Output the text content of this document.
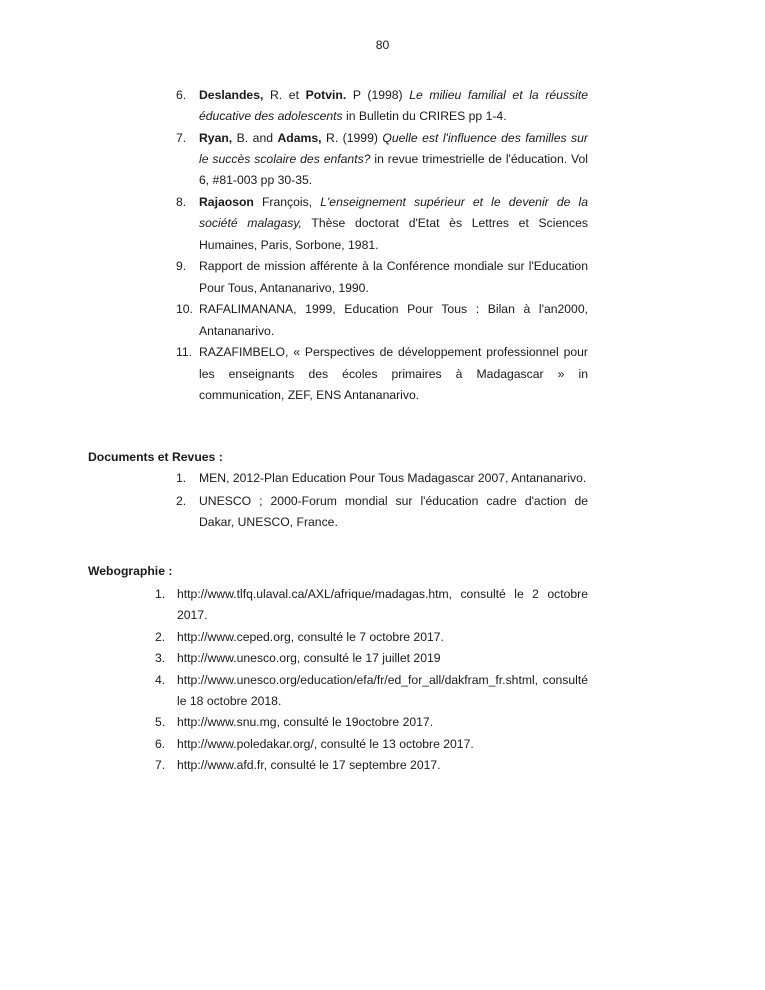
80
6. Deslandes, R. et Potvin. P (1998) Le milieu familial et la réussite éducative des adolescents in Bulletin du CRIRES pp 1-4.
7. Ryan, B. and Adams, R. (1999) Quelle est l'influence des familles sur le succès scolaire des enfants? in revue trimestrielle de l'éducation. Vol 6, #81-003 pp 30-35.
8. Rajaoson François, L'enseignement supérieur et le devenir de la société malagasy, Thèse doctorat d'Etat ès Lettres et Sciences Humaines, Paris, Sorbone, 1981.
9. Rapport de mission afférente à la Conférence mondiale sur l'Education Pour Tous, Antananarivo, 1990.
10. RAFALIMANANA, 1999, Education Pour Tous : Bilan à l'an2000, Antananarivo.
11. RAZAFIMBELO, « Perspectives de développement professionnel pour les enseignants des écoles primaires à Madagascar » in communication, ZEF, ENS Antananarivo.
Documents et Revues :
1. MEN, 2012-Plan Education Pour Tous Madagascar 2007, Antananarivo.
2. UNESCO ; 2000-Forum mondial sur l'éducation cadre d'action de Dakar, UNESCO, France.
Webographie :
1. http://www.tlfq.ulaval.ca/AXL/afrique/madagas.htm, consulté le 2 octobre 2017.
2. http://www.ceped.org, consulté le 7 octobre 2017.
3. http://www.unesco.org, consulté le 17 juillet 2019
4. http://www.unesco.org/education/efa/fr/ed_for_all/dakfram_fr.shtml, consulté le 18 octobre 2018.
5. http://www.snu.mg, consulté le 19octobre 2017.
6. http://www.poledakar.org/, consulté le 13 octobre 2017.
7. http://www.afd.fr, consulté le 17 septembre 2017.
